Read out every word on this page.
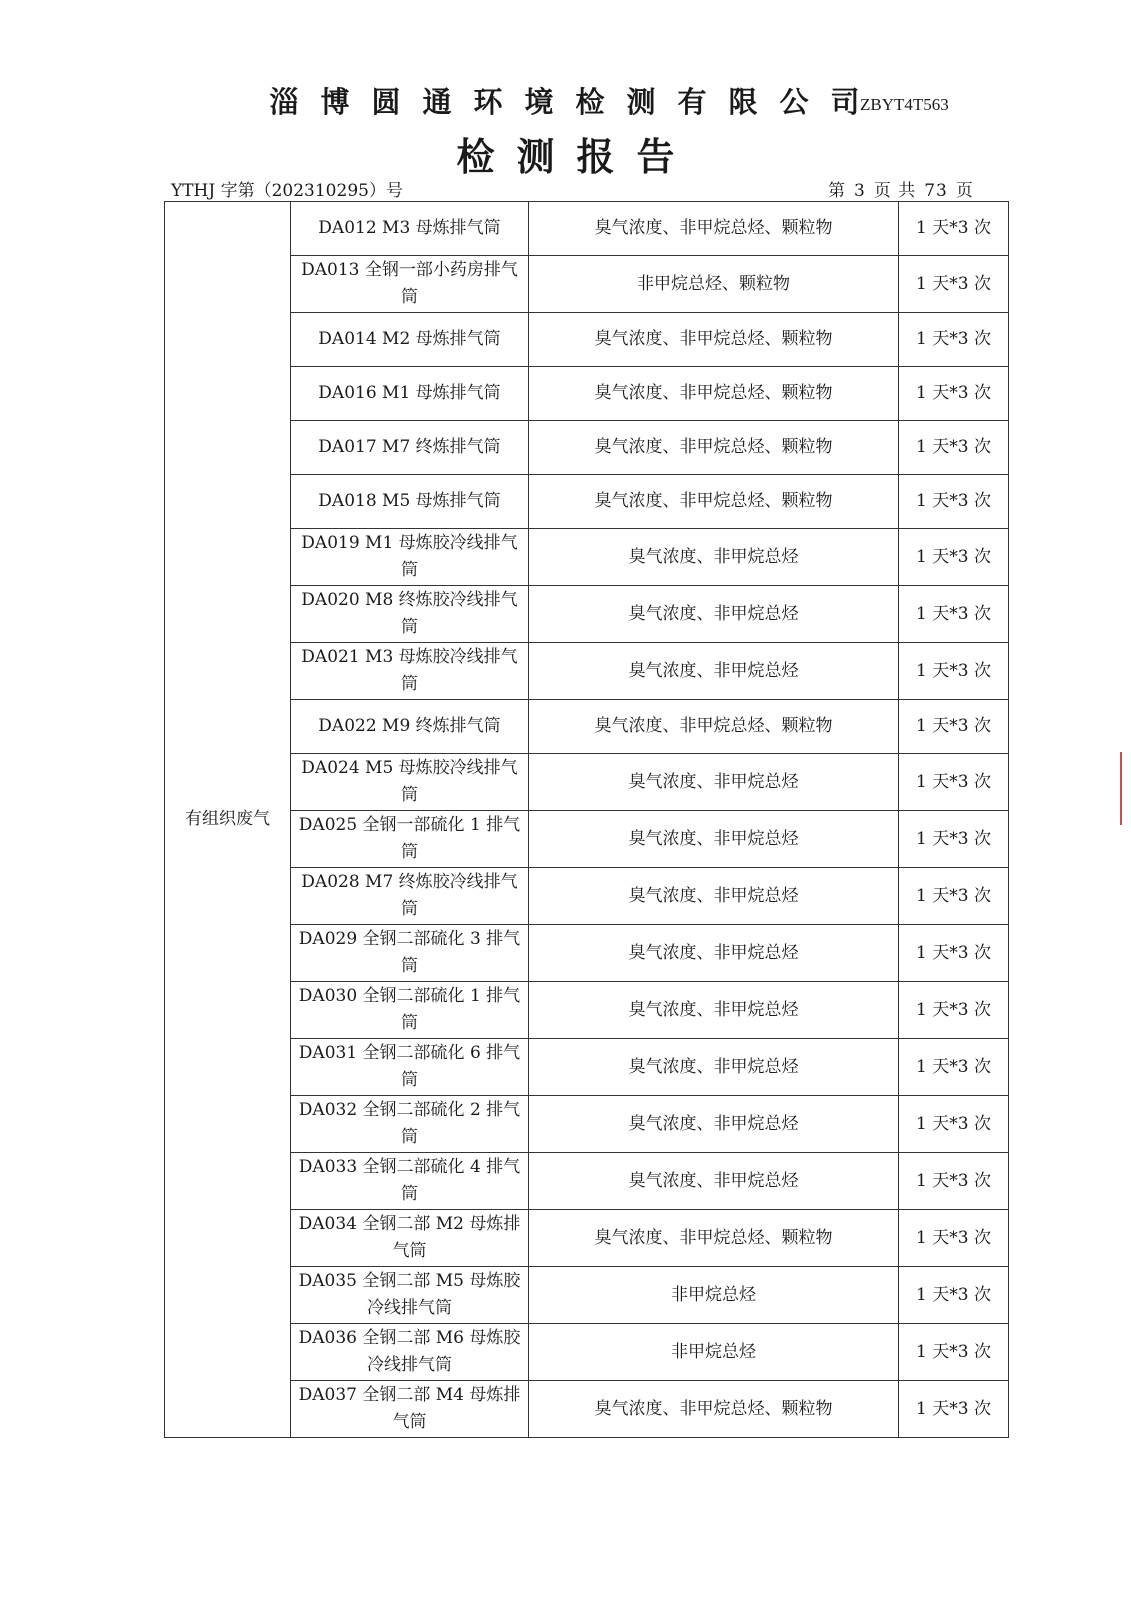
淄博圆通环境检测有限公司
ZBYT4T563
检测报告
YTHJ 字第（202310295）号	第 3 页 共 73 页
有组织废气	DA012 M3 母炼排气筒	臭气浓度、非甲烷总烃、颗粒物	1 天*3 次
	DA013 全钢一部小药房排气筒	非甲烷总烃、颗粒物	1 天*3 次
	DA014 M2 母炼排气筒	臭气浓度、非甲烷总烃、颗粒物	1 天*3 次
	DA016 M1 母炼排气筒	臭气浓度、非甲烷总烃、颗粒物	1 天*3 次
	DA017 M7 终炼排气筒	臭气浓度、非甲烷总烃、颗粒物	1 天*3 次
	DA018 M5 母炼排气筒	臭气浓度、非甲烷总烃、颗粒物	1 天*3 次
	DA019 M1 母炼胶冷线排气筒	臭气浓度、非甲烷总烃	1 天*3 次
	DA020 M8 终炼胶冷线排气筒	臭气浓度、非甲烷总烃	1 天*3 次
	DA021 M3 母炼胶冷线排气筒	臭气浓度、非甲烷总烃	1 天*3 次
	DA022 M9 终炼排气筒	臭气浓度、非甲烷总烃、颗粒物	1 天*3 次
	DA024 M5 母炼胶冷线排气筒	臭气浓度、非甲烷总烃	1 天*3 次
	DA025 全钢一部硫化 1 排气筒	臭气浓度、非甲烷总烃	1 天*3 次
	DA028 M7 终炼胶冷线排气筒	臭气浓度、非甲烷总烃	1 天*3 次
	DA029 全钢二部硫化 3 排气筒	臭气浓度、非甲烷总烃	1 天*3 次
	DA030 全钢二部硫化 1 排气筒	臭气浓度、非甲烷总烃	1 天*3 次
	DA031 全钢二部硫化 6 排气筒	臭气浓度、非甲烷总烃	1 天*3 次
	DA032 全钢二部硫化 2 排气筒	臭气浓度、非甲烷总烃	1 天*3 次
	DA033 全钢二部硫化 4 排气筒	臭气浓度、非甲烷总烃	1 天*3 次
	DA034 全钢二部 M2 母炼排气筒	臭气浓度、非甲烷总烃、颗粒物	1 天*3 次
	DA035 全钢二部 M5 母炼胶冷线排气筒	非甲烷总烃	1 天*3 次
	DA036 全钢二部 M6 母炼胶冷线排气筒	非甲烷总烃	1 天*3 次
	DA037 全钢二部 M4 母炼排气筒	臭气浓度、非甲烷总烃、颗粒物	1 天*3 次
